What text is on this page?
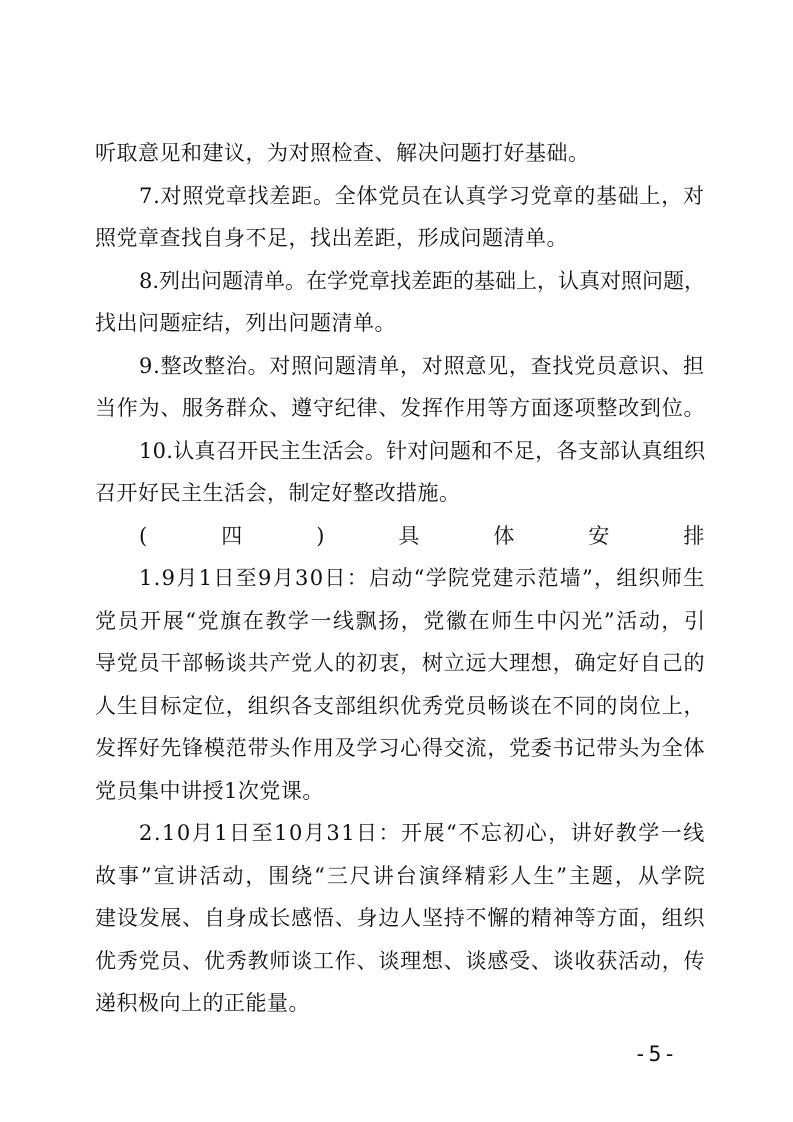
听取意见和建议，为对照检查、解决问题打好基础。
7.对照党章找差距。全体党员在认真学习党章的基础上，对
照党章查找自身不足，找出差距，形成问题清单。
8.列出问题清单。在学党章找差距的基础上，认真对照问题，
找出问题症结，列出问题清单。
9.整改整治。对照问题清单，对照意见，查找党员意识、担
当作为、服务群众、遵守纪律、发挥作用等方面逐项整改到位。
10.认真召开民主生活会。针对问题和不足，各支部认真组织
召开好民主生活会，制定好整改措施。
(四)具体安排
1.9月1日至9月30日：启动“学院党建示范墙”，组织师生
党员开展“党旗在教学一线飘扬，党徽在师生中闪光”活动，引
导党员干部畅谈共产党人的初衷，树立远大理想，确定好自己的
人生目标定位，组织各支部组织优秀党员畅谈在不同的岗位上，
发挥好先锋模范带头作用及学习心得交流，党委书记带头为全体
党员集中讲授1次党课。
2.10月1日至10月31日：开展“不忘初心，讲好教学一线
故事”宣讲活动，围绕“三尺讲台演绎精彩人生”主题，从学院
建设发展、自身成长感悟、身边人坚持不懈的精神等方面，组织
优秀党员、优秀教师谈工作、谈理想、谈感受、谈收获活动，传
递积极向上的正能量。
-5-
